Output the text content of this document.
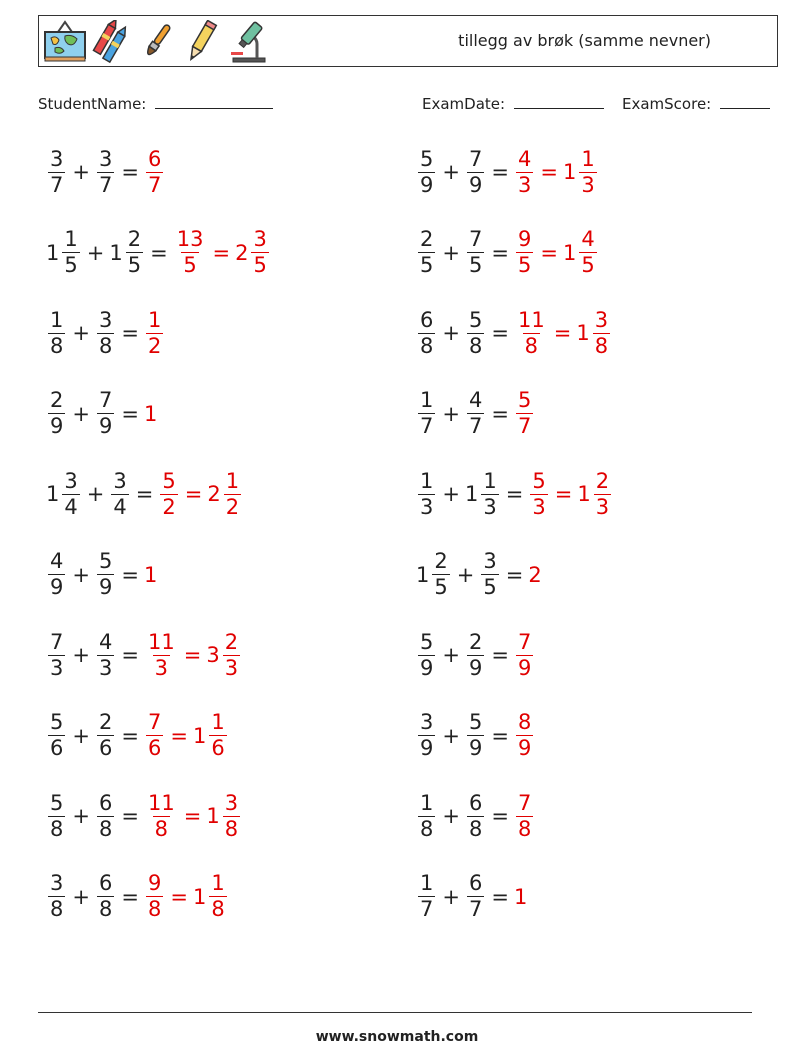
tillegg av brøk (samme nevner)
StudentName:	ExamDate:	ExamScore:
$\frac{3}{7} + \frac{3}{7} = \frac{6}{7}$	$\frac{5}{9} + \frac{7}{9} = \frac{4}{3} = 1 \frac{1}{3}$
$1 \frac{1}{5} + 1 \frac{2}{5} = \frac{13}{5} = 2 \frac{3}{5}$	$\frac{2}{5} + \frac{7}{5} = \frac{9}{5} = 1 \frac{4}{5}$
$\frac{1}{8} + \frac{3}{8} = \frac{1}{2}$	$\frac{6}{8} + \frac{5}{8} = \frac{11}{8} = 1 \frac{3}{8}$
$\frac{2}{9} + \frac{7}{9} = 1$	$\frac{1}{7} + \frac{4}{7} = \frac{5}{7}$
$1 \frac{3}{4} + \frac{3}{4} = \frac{5}{2} = 2 \frac{1}{2}$	$\frac{1}{3} + 1 \frac{1}{3} = \frac{5}{3} = 1 \frac{2}{3}$
$\frac{4}{9} + \frac{5}{9} = 1$	$1 \frac{2}{5} + \frac{3}{5} = 2$
$\frac{7}{3} + \frac{4}{3} = \frac{11}{3} = 3 \frac{2}{3}$	$\frac{5}{9} + \frac{2}{9} = \frac{7}{9}$
$\frac{5}{6} + \frac{2}{6} = \frac{7}{6} = 1 \frac{1}{6}$	$\frac{3}{9} + \frac{5}{9} = \frac{8}{9}$
$\frac{5}{8} + \frac{6}{8} = \frac{11}{8} = 1 \frac{3}{8}$	$\frac{1}{8} + \frac{6}{8} = \frac{7}{8}$
$\frac{3}{8} + \frac{6}{8} = \frac{9}{8} = 1 \frac{1}{8}$	$\frac{1}{7} + \frac{6}{7} = 1$
www.snowmath.com
